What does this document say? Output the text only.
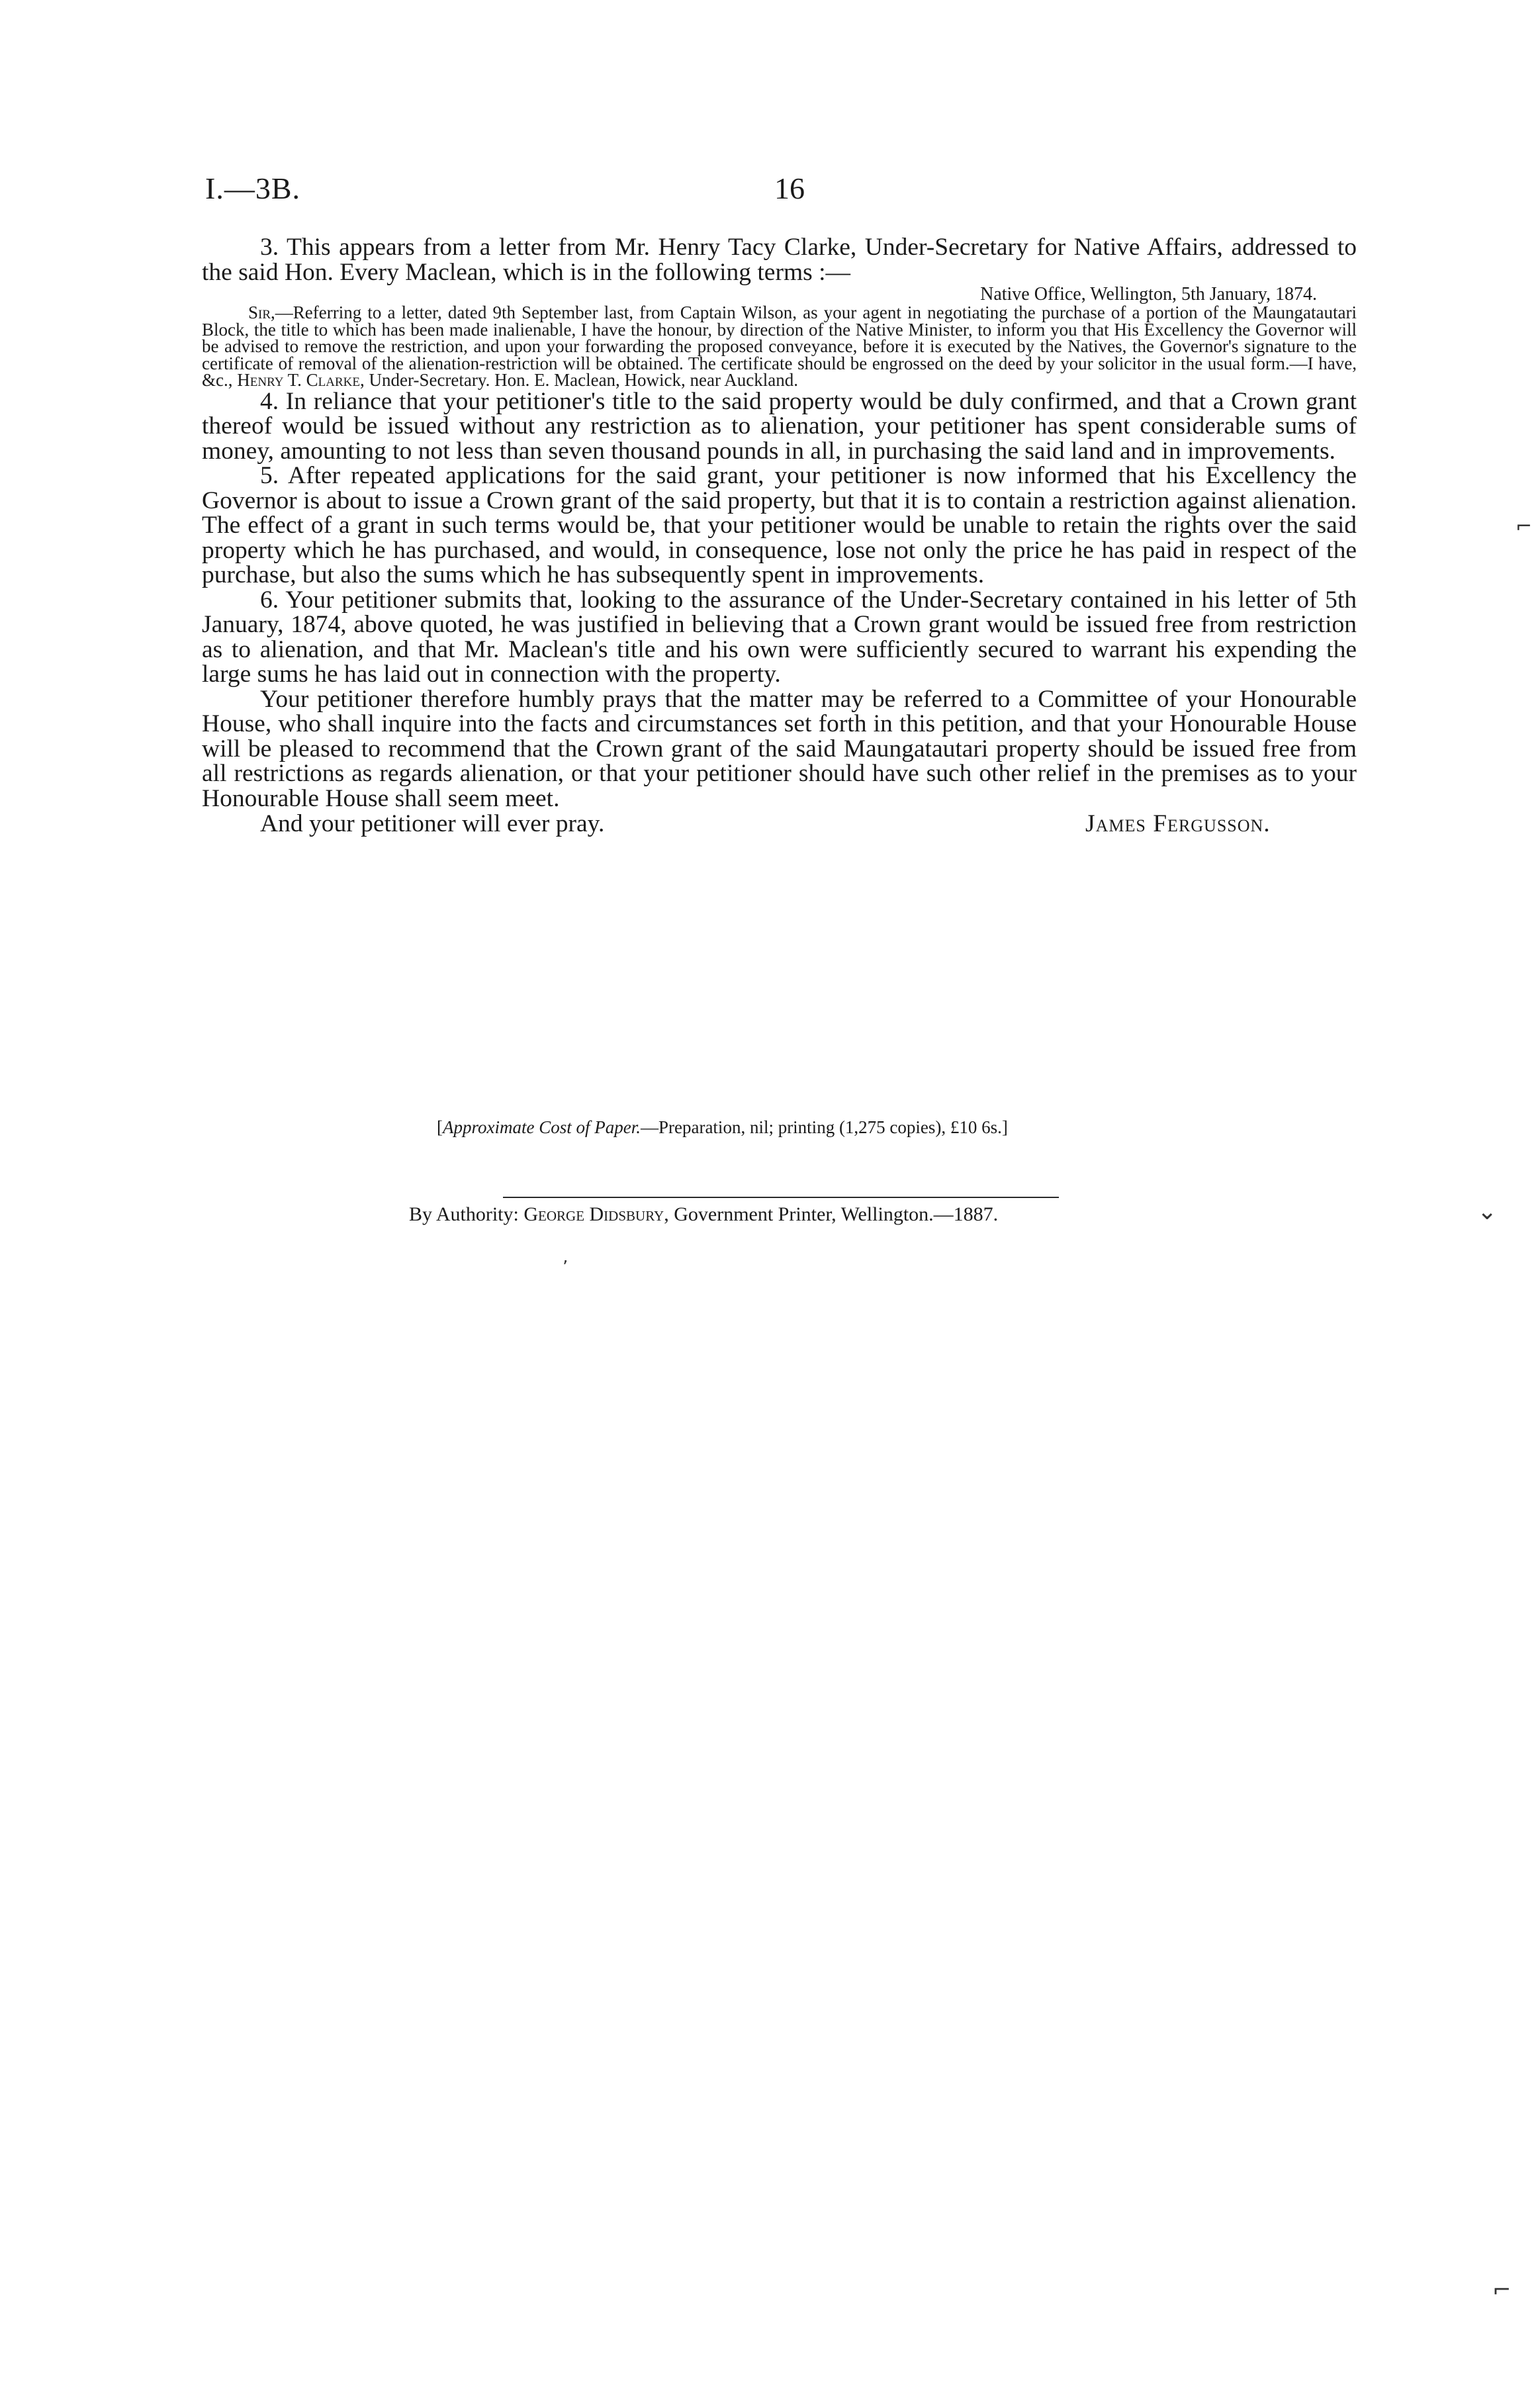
I.—3B.	16

3. This appears from a letter from Mr. Henry Tacy Clarke, Under-Secretary for Native Affairs, addressed to the said Hon. Every Maclean, which is in the following terms :—

Native Office, Wellington, 5th January, 1874.

Sir,—Referring to a letter, dated 9th September last, from Captain Wilson, as your agent in negotiating the purchase of a portion of the Maungatautari Block, the title to which has been made inalienable, I have the honour, by direction of the Native Minister, to inform you that His Excellency the Governor will be advised to remove the restriction, and upon your forwarding the proposed conveyance, before it is executed by the Natives, the Governor's signature to the certificate of removal of the alienation-restriction will be obtained. The certificate should be engrossed on the deed by your solicitor in the usual form.—I have, &c., Henry T. Clarke, Under-Secretary. Hon. E. Maclean, Howick, near Auckland.

4. In reliance that your petitioner's title to the said property would be duly confirmed, and that a Crown grant thereof would be issued without any restriction as to alienation, your petitioner has spent considerable sums of money, amounting to not less than seven thousand pounds in all, in purchasing the said land and in improvements.

5. After repeated applications for the said grant, your petitioner is now informed that his Excellency the Governor is about to issue a Crown grant of the said property, but that it is to contain a restriction against alienation. The effect of a grant in such terms would be, that your petitioner would be unable to retain the rights over the said property which he has purchased, and would, in consequence, lose not only the price he has paid in respect of the purchase, but also the sums which he has subsequently spent in improvements.

6. Your petitioner submits that, looking to the assurance of the Under-Secretary contained in his letter of 5th January, 1874, above quoted, he was justified in believing that a Crown grant would be issued free from restriction as to alienation, and that Mr. Maclean's title and his own were sufficiently secured to warrant his expending the large sums he has laid out in connection with the property.

Your petitioner therefore humbly prays that the matter may be referred to a Committee of your Honourable House, who shall inquire into the facts and circumstances set forth in this petition, and that your Honourable House will be pleased to recommend that the Crown grant of the said Maungatautari property should be issued free from all restrictions as regards alienation, or that your petitioner should have such other relief in the premises as to your Honourable House shall seem meet.

And your petitioner will ever pray.	James Fergusson.
[Approximate Cost of Paper.—Preparation, nil; printing (1,275 copies), £10 6s.]
By Authority: George Didsbury, Government Printer, Wellington.—1887.
⌐
⌄
⌐
ʼ
